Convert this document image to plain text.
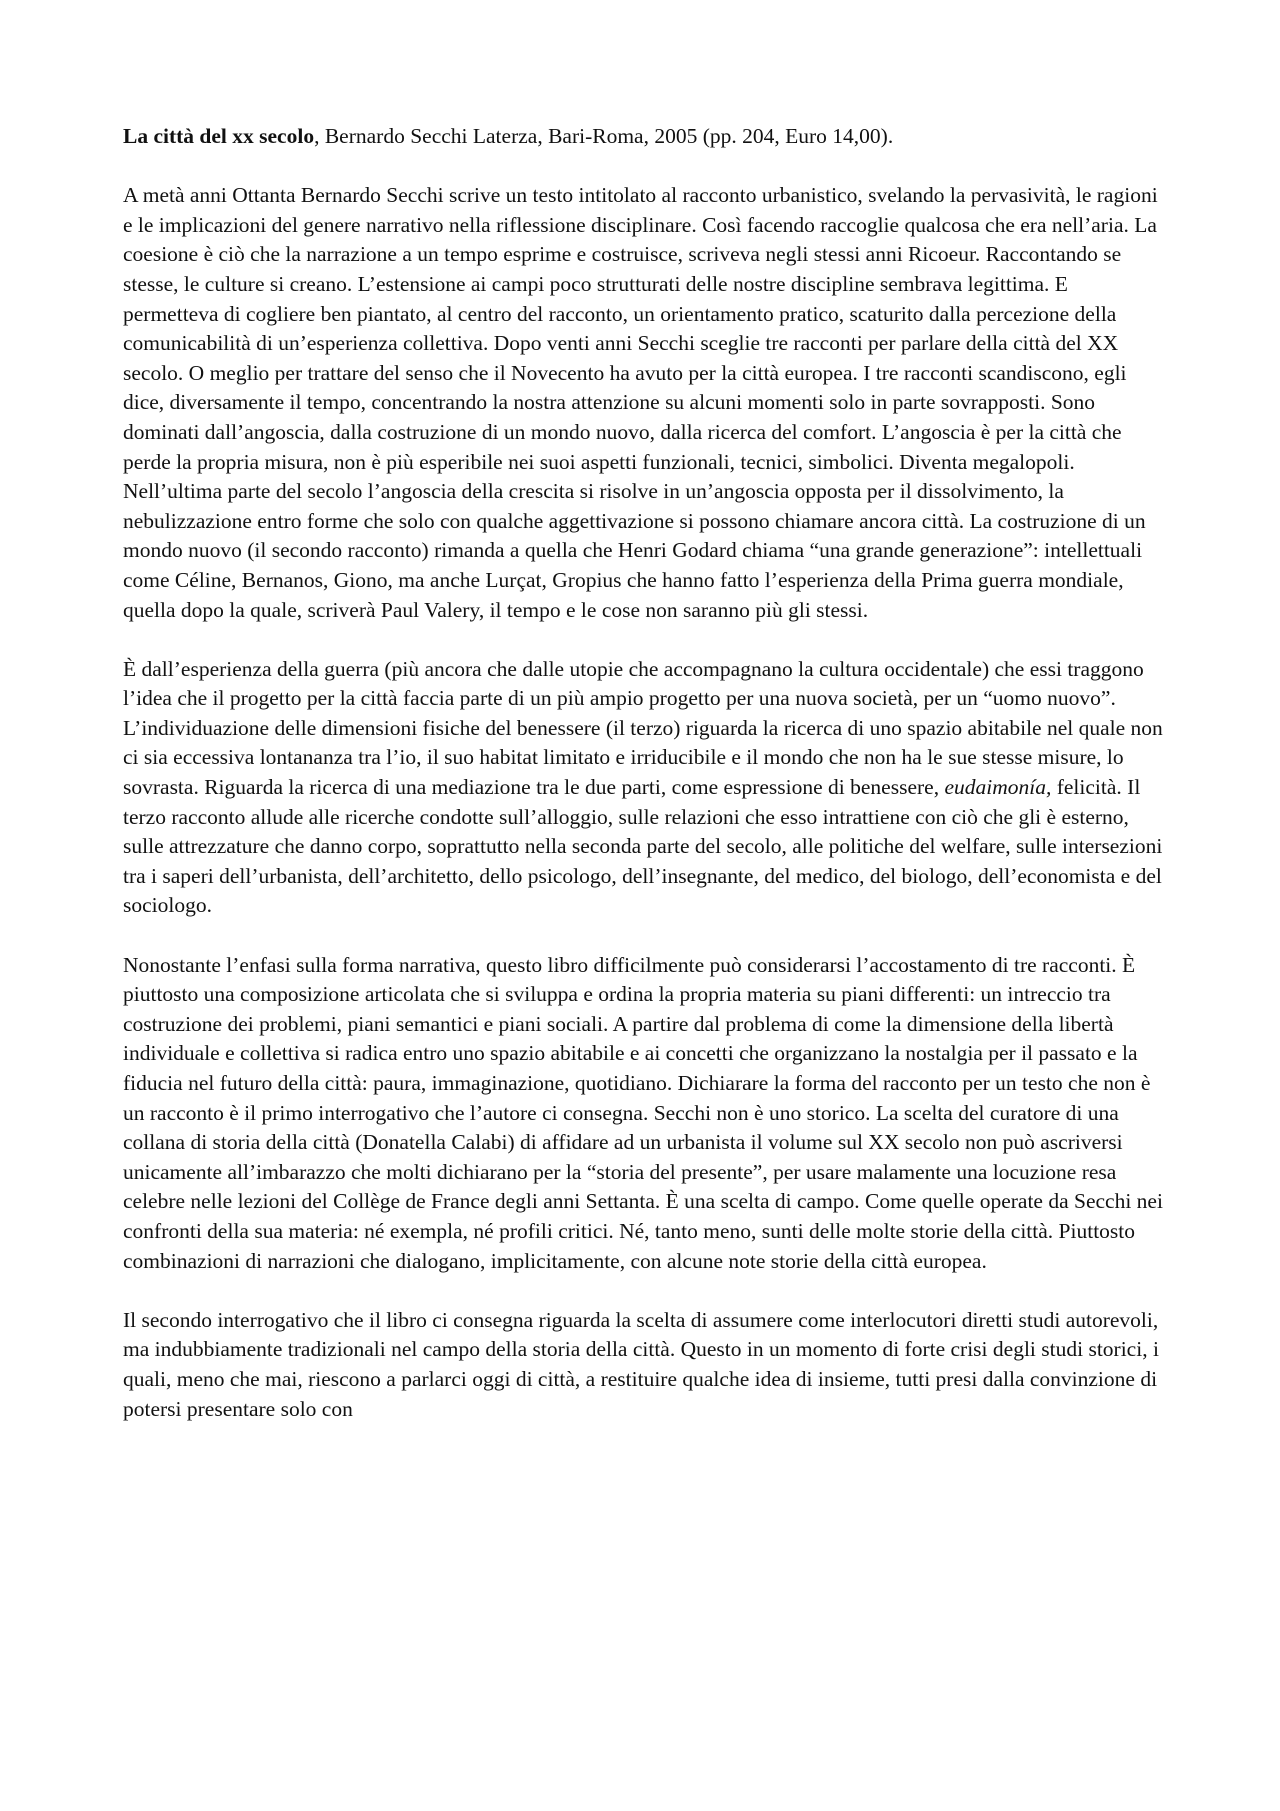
La città del xx secolo, Bernardo Secchi Laterza, Bari-Roma, 2005 (pp. 204, Euro 14,00).

A metà anni Ottanta Bernardo Secchi scrive un testo intitolato al racconto urbanistico, svelando la pervasività, le ragioni e le implicazioni del genere narrativo nella riflessione disciplinare. Così facendo raccoglie qualcosa che era nell’aria. La coesione è ciò che la narrazione a un tempo esprime e costruisce, scriveva negli stessi anni Ricoeur. Raccontando se stesse, le culture si creano. L’estensione ai campi poco strutturati delle nostre discipline sembrava legittima. E permetteva di cogliere ben piantato, al centro del racconto, un orientamento pratico, scaturito dalla percezione della comunicabilità di un’esperienza collettiva. Dopo venti anni Secchi sceglie tre racconti per parlare della città del XX secolo. O meglio per trattare del senso che il Novecento ha avuto per la città europea. I tre racconti scandiscono, egli dice, diversamente il tempo, concentrando la nostra attenzione su alcuni momenti solo in parte sovrapposti. Sono dominati dall’angoscia, dalla costruzione di un mondo nuovo, dalla ricerca del comfort. L’angoscia è per la città che perde la propria misura, non è più esperibile nei suoi aspetti funzionali, tecnici, simbolici. Diventa megalopoli. Nell’ultima parte del secolo l’angoscia della crescita si risolve in un’angoscia opposta per il dissolvimento, la nebulizzazione entro forme che solo con qualche aggettivazione si possono chiamare ancora città. La costruzione di un mondo nuovo (il secondo racconto) rimanda a quella che Henri Godard chiama “una grande generazione”: intellettuali come Céline, Bernanos, Giono, ma anche Lurçat, Gropius che hanno fatto l’esperienza della Prima guerra mondiale, quella dopo la quale, scriverà Paul Valery, il tempo e le cose non saranno più gli stessi.

È dall’esperienza della guerra (più ancora che dalle utopie che accompagnano la cultura occidentale) che essi traggono l’idea che il progetto per la città faccia parte di un più ampio progetto per una nuova società, per un “uomo nuovo”. L’individuazione delle dimensioni fisiche del benessere (il terzo) riguarda la ricerca di uno spazio abitabile nel quale non ci sia eccessiva lontananza tra l’io, il suo habitat limitato e irriducibile e il mondo che non ha le sue stesse misure, lo sovrasta. Riguarda la ricerca di una mediazione tra le due parti, come espressione di benessere, eudaimonía, felicità. Il terzo racconto allude alle ricerche condotte sull’alloggio, sulle relazioni che esso intrattiene con ciò che gli è esterno, sulle attrezzature che danno corpo, soprattutto nella seconda parte del secolo, alle politiche del welfare, sulle intersezioni tra i saperi dell’urbanista, dell’architetto, dello psicologo, dell’insegnante, del medico, del biologo, dell’economista e del sociologo.

Nonostante l’enfasi sulla forma narrativa, questo libro difficilmente può considerarsi l’accostamento di tre racconti. È piuttosto una composizione articolata che si sviluppa e ordina la propria materia su piani differenti: un intreccio tra costruzione dei problemi, piani semantici e piani sociali. A partire dal problema di come la dimensione della libertà individuale e collettiva si radica entro uno spazio abitabile e ai concetti che organizzano la nostalgia per il passato e la fiducia nel futuro della città: paura, immaginazione, quotidiano. Dichiarare la forma del racconto per un testo che non è un racconto è il primo interrogativo che l’autore ci consegna. Secchi non è uno storico. La scelta del curatore di una collana di storia della città (Donatella Calabi) di affidare ad un urbanista il volume sul XX secolo non può ascriversi unicamente all’imbarazzo che molti dichiarano per la “storia del presente”, per usare malamente una locuzione resa celebre nelle lezioni del Collège de France degli anni Settanta. È una scelta di campo. Come quelle operate da Secchi nei confronti della sua materia: né exempla, né profili critici. Né, tanto meno, sunti delle molte storie della città. Piuttosto combinazioni di narrazioni che dialogano, implicitamente, con alcune note storie della città europea.

Il secondo interrogativo che il libro ci consegna riguarda la scelta di assumere come interlocutori diretti studi autorevoli, ma indubbiamente tradizionali nel campo della storia della città. Questo in un momento di forte crisi degli studi storici, i quali, meno che mai, riescono a parlarci oggi di città, a restituire qualche idea di insieme, tutti presi dalla convinzione di potersi presentare solo con
